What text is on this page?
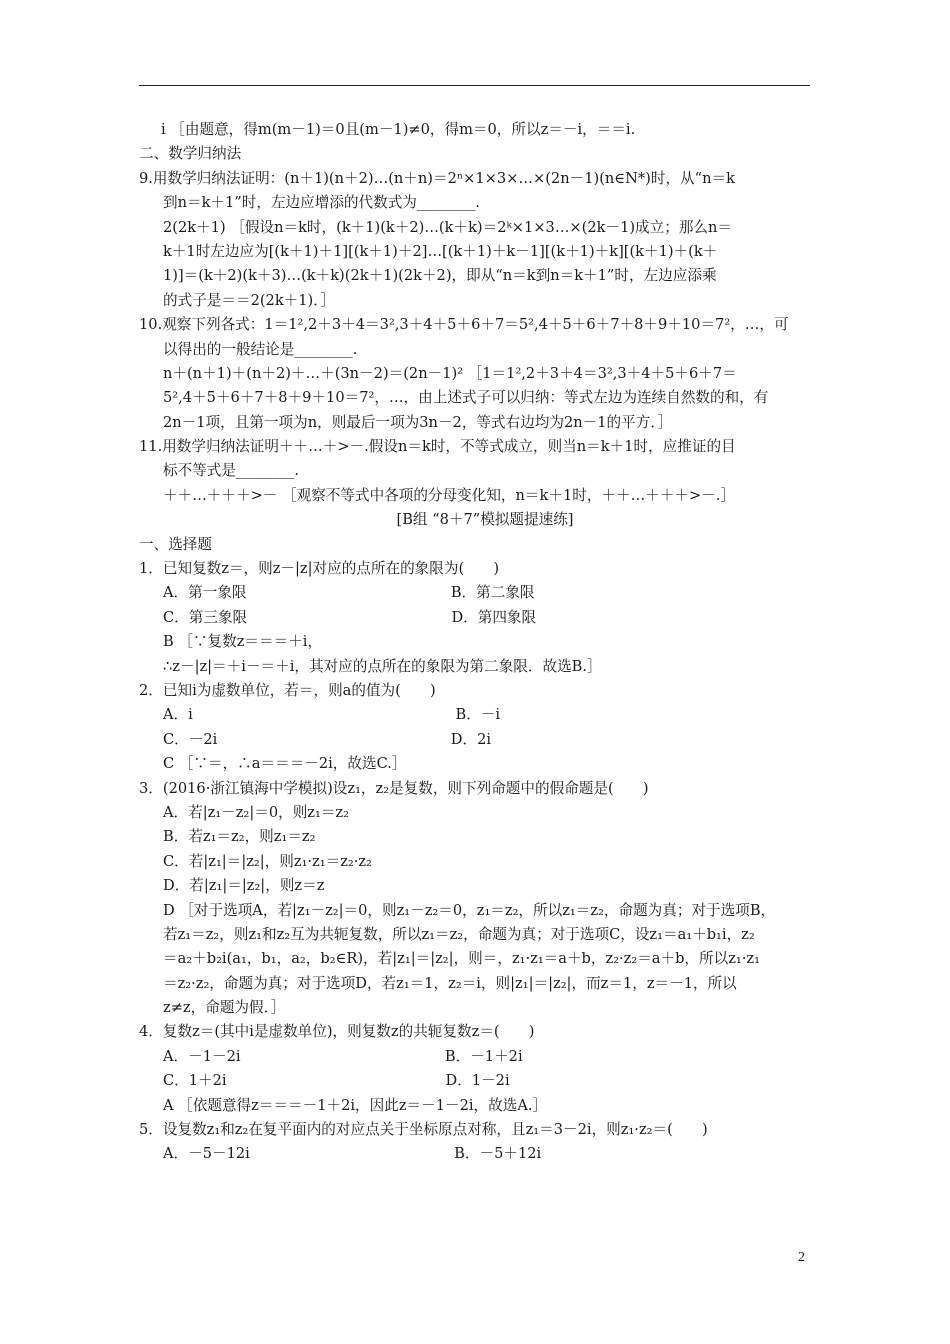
i ［由题意，得m(m－1)＝0且(m－1)≠0，得m＝0，所以z＝－i，＝＝i.
二、数学归纳法
9.用数学归纳法证明：(n＋1)(n＋2)…(n＋n)＝2ⁿ×1×3×…×(2n－1)(n∈N*)时，从“n＝k
到n＝k＋1”时，左边应增添的代数式为________.
2(2k＋1) ［假设n＝k时，(k＋1)(k＋2)…(k＋k)＝2ᵏ×1×3…×(2k－1)成立；那么n＝
k＋1时左边应为[(k＋1)＋1][(k＋1)＋2]…[(k＋1)＋k－1][(k＋1)＋k][(k＋1)＋(k＋
1)]＝(k＋2)(k＋3)…(k＋k)(2k＋1)(2k＋2)，即从“n＝k到n＝k＋1”时，左边应添乘
的式子是＝＝2(2k＋1)．］
10.观察下列各式：1＝1²,2＋3＋4＝3²,3＋4＋5＋6＋7＝5²,4＋5＋6＋7＋8＋9＋10＝7²，…，可
以得出的一般结论是________.
n＋(n＋1)＋(n＋2)＋…＋(3n－2)＝(2n－1)² ［1＝1²,2＋3＋4＝3²,3＋4＋5＋6＋7＝
5²,4＋5＋6＋7＋8＋9＋10＝7²，…，由上述式子可以归纳：等式左边为连续自然数的和，有
2n－1项，且第一项为n，则最后一项为3n－2，等式右边均为2n－1的平方．］
11.用数学归纳法证明＋＋…＋>－.假设n＝k时，不等式成立，则当n＝k＋1时，应推证的目
标不等式是________.
＋＋…＋＋＋>－ ［观察不等式中各项的分母变化知，n＝k＋1时，＋＋…＋＋＋>－.］
[B组 “8＋7”模拟题提速练]
一、选择题
1．已知复数z＝，则z－|z|对应的点所在的象限为(　　)
A．第一象限　　　　　　　　　　　　　　B．第二象限
C．第三象限　　　　　　　　　　　　　　D．第四象限
B ［∵复数z＝＝＝＋i，
∴z－|z|＝＋i－＝＋i，其对应的点所在的象限为第二象限．故选B.］
2．已知i为虚数单位，若＝，则a的值为(　　)
A．i　　　　　　　　　　　　　　　　　　B．－i
C．－2i　　　　　　　　　　　　　　　　D．2i
C ［∵＝，∴a＝＝＝－2i，故选C.］
3．(2016·浙江镇海中学模拟)设z₁，z₂是复数，则下列命题中的假命题是(　　)
A．若|z₁－z₂|＝0，则z₁＝z₂
B．若z₁＝z₂，则z₁＝z₂
C．若|z₁|＝|z₂|，则z₁·z₁＝z₂·z₂
D．若|z₁|＝|z₂|，则z＝z
D ［对于选项A，若|z₁－z₂|＝0，则z₁－z₂＝0，z₁＝z₂，所以z₁＝z₂，命题为真；对于选项B，
若z₁＝z₂，则z₁和z₂互为共轭复数，所以z₁＝z₂，命题为真；对于选项C，设z₁＝a₁＋b₁i，z₂
＝a₂＋b₂i(a₁，b₁，a₂，b₂∈R)，若|z₁|＝|z₂|，则＝，z₁·z₁＝a＋b，z₂·z₂＝a＋b，所以z₁·z₁
＝z₂·z₂，命题为真；对于选项D，若z₁＝1，z₂＝i，则|z₁|＝|z₂|，而z＝1，z＝－1，所以
z≠z，命题为假．］
4．复数z＝(其中i是虚数单位)，则复数z的共轭复数z＝(　　)
A．－1－2i　　　　　　　　　　　　　　B．－1＋2i
C．1＋2i　　　　　　　　　　　　　　　D．1－2i
A ［依题意得z＝＝＝－1＋2i，因此z＝－1－2i，故选A.］
5．设复数z₁和z₂在复平面内的对应点关于坐标原点对称，且z₁＝3－2i，则z₁·z₂＝(　　)
A．－5－12i　　　　　　　　　　　　　　B．－5＋12i
2
